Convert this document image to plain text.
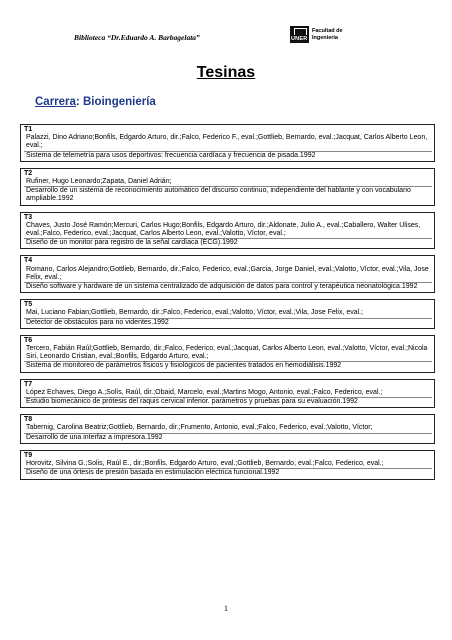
Biblioteca “Dr.Eduardo A. Barbagelata”	UNER
Facultad de
Ingeniería
Tesinas
Carrera: Bioingeniería
T1
Palazzi, Dino Adriano;Bonfils, Edgardo Arturo, dir.;Falco, Federico F., eval.;Gottlieb, Bernardo, eval.;Jacquat, Carlos Alberto Leon, eval.;
Sistema de telemetría para usos deportivos: frecuencia cardíaca y frecuencia de pisada.1992
T2
Rufiner, Hugo Leonardo;Zapata, Daniel Adrián;
Desarrollo de un sistema de reconocimiento automático del discurso continuo, independiente del hablante y con vocabulario ampliable.1992
T3
Chaves, Justo José Ramón;Mercuri, Carlos Hugo;Bonfils, Edgardo Arturo, dir.;Aldonate, Julio A., eval.;Caballero, Walter Ulises, eval.;Falco, Federico, eval.;Jacquat, Carlos Alberto Leon, eval.;Valotto, Víctor, eval.;
Diseño de un monitor para registro de la señal cardíaca (ECG).1992
T4
Romano, Carlos Alejandro;Gottlieb, Bernardo, dir.;Falco, Federico, eval.;Garcia, Jorge Daniel, eval.;Valotto, Víctor, eval.;Vila, Jose Felix, eval.;
Diseño software y hardware de un sistema centralizado de adquisición de datos para control y terapéutica neonatológica.1992
T5
Mai, Luciano Fabian;Gottlieb, Bernardo, dir.;Falco, Federico, eval.;Valotto, Víctor, eval.;Vila, Jose Felix, eval.;
Detector de obstáculos para no videntes.1992
T6
Tercero, Fabián Raúl;Gottlieb, Bernardo, dir.;Falco, Federico, eval.;Jacquat, Carlos Alberto Leon, eval.;Valotto, Víctor, eval.;Nicola Siri, Leonardo Cristian, eval.;Bonfils, Edgardo Arturo, eval.;
Sistema de monitoreo de parámetros físicos y fisiológicos de pacientes tratados en hemodiálisis.1992
T7
López Echaves, Diego A.;Solís, Raúl, dir.;Obaid, Marcelo, eval.;Martins Mogo, Antonio, eval.;Falco, Federico, eval.;
Estudio biomecánico de prótesis del raquis cervical inferior. parámetros y pruebas para su evaluación.1992
T8
Tabernig, Carolina Beatriz;Gottlieb, Bernardo, dir.;Frumento, Antonio, eval.;Falco, Federico, eval.;Valotto, Víctor;
Desarrollo de una interfaz a impresora.1992
T9
Horovitz, Silvina G.;Solis, Raúl E., dir.;Bonfils, Edgardo Arturo, eval.;Gottlieb, Bernardo, eval.;Falco, Federico, eval.;
Diseño de una órtesis de presión basada en estimulación eléctrica funcional.1992
1
